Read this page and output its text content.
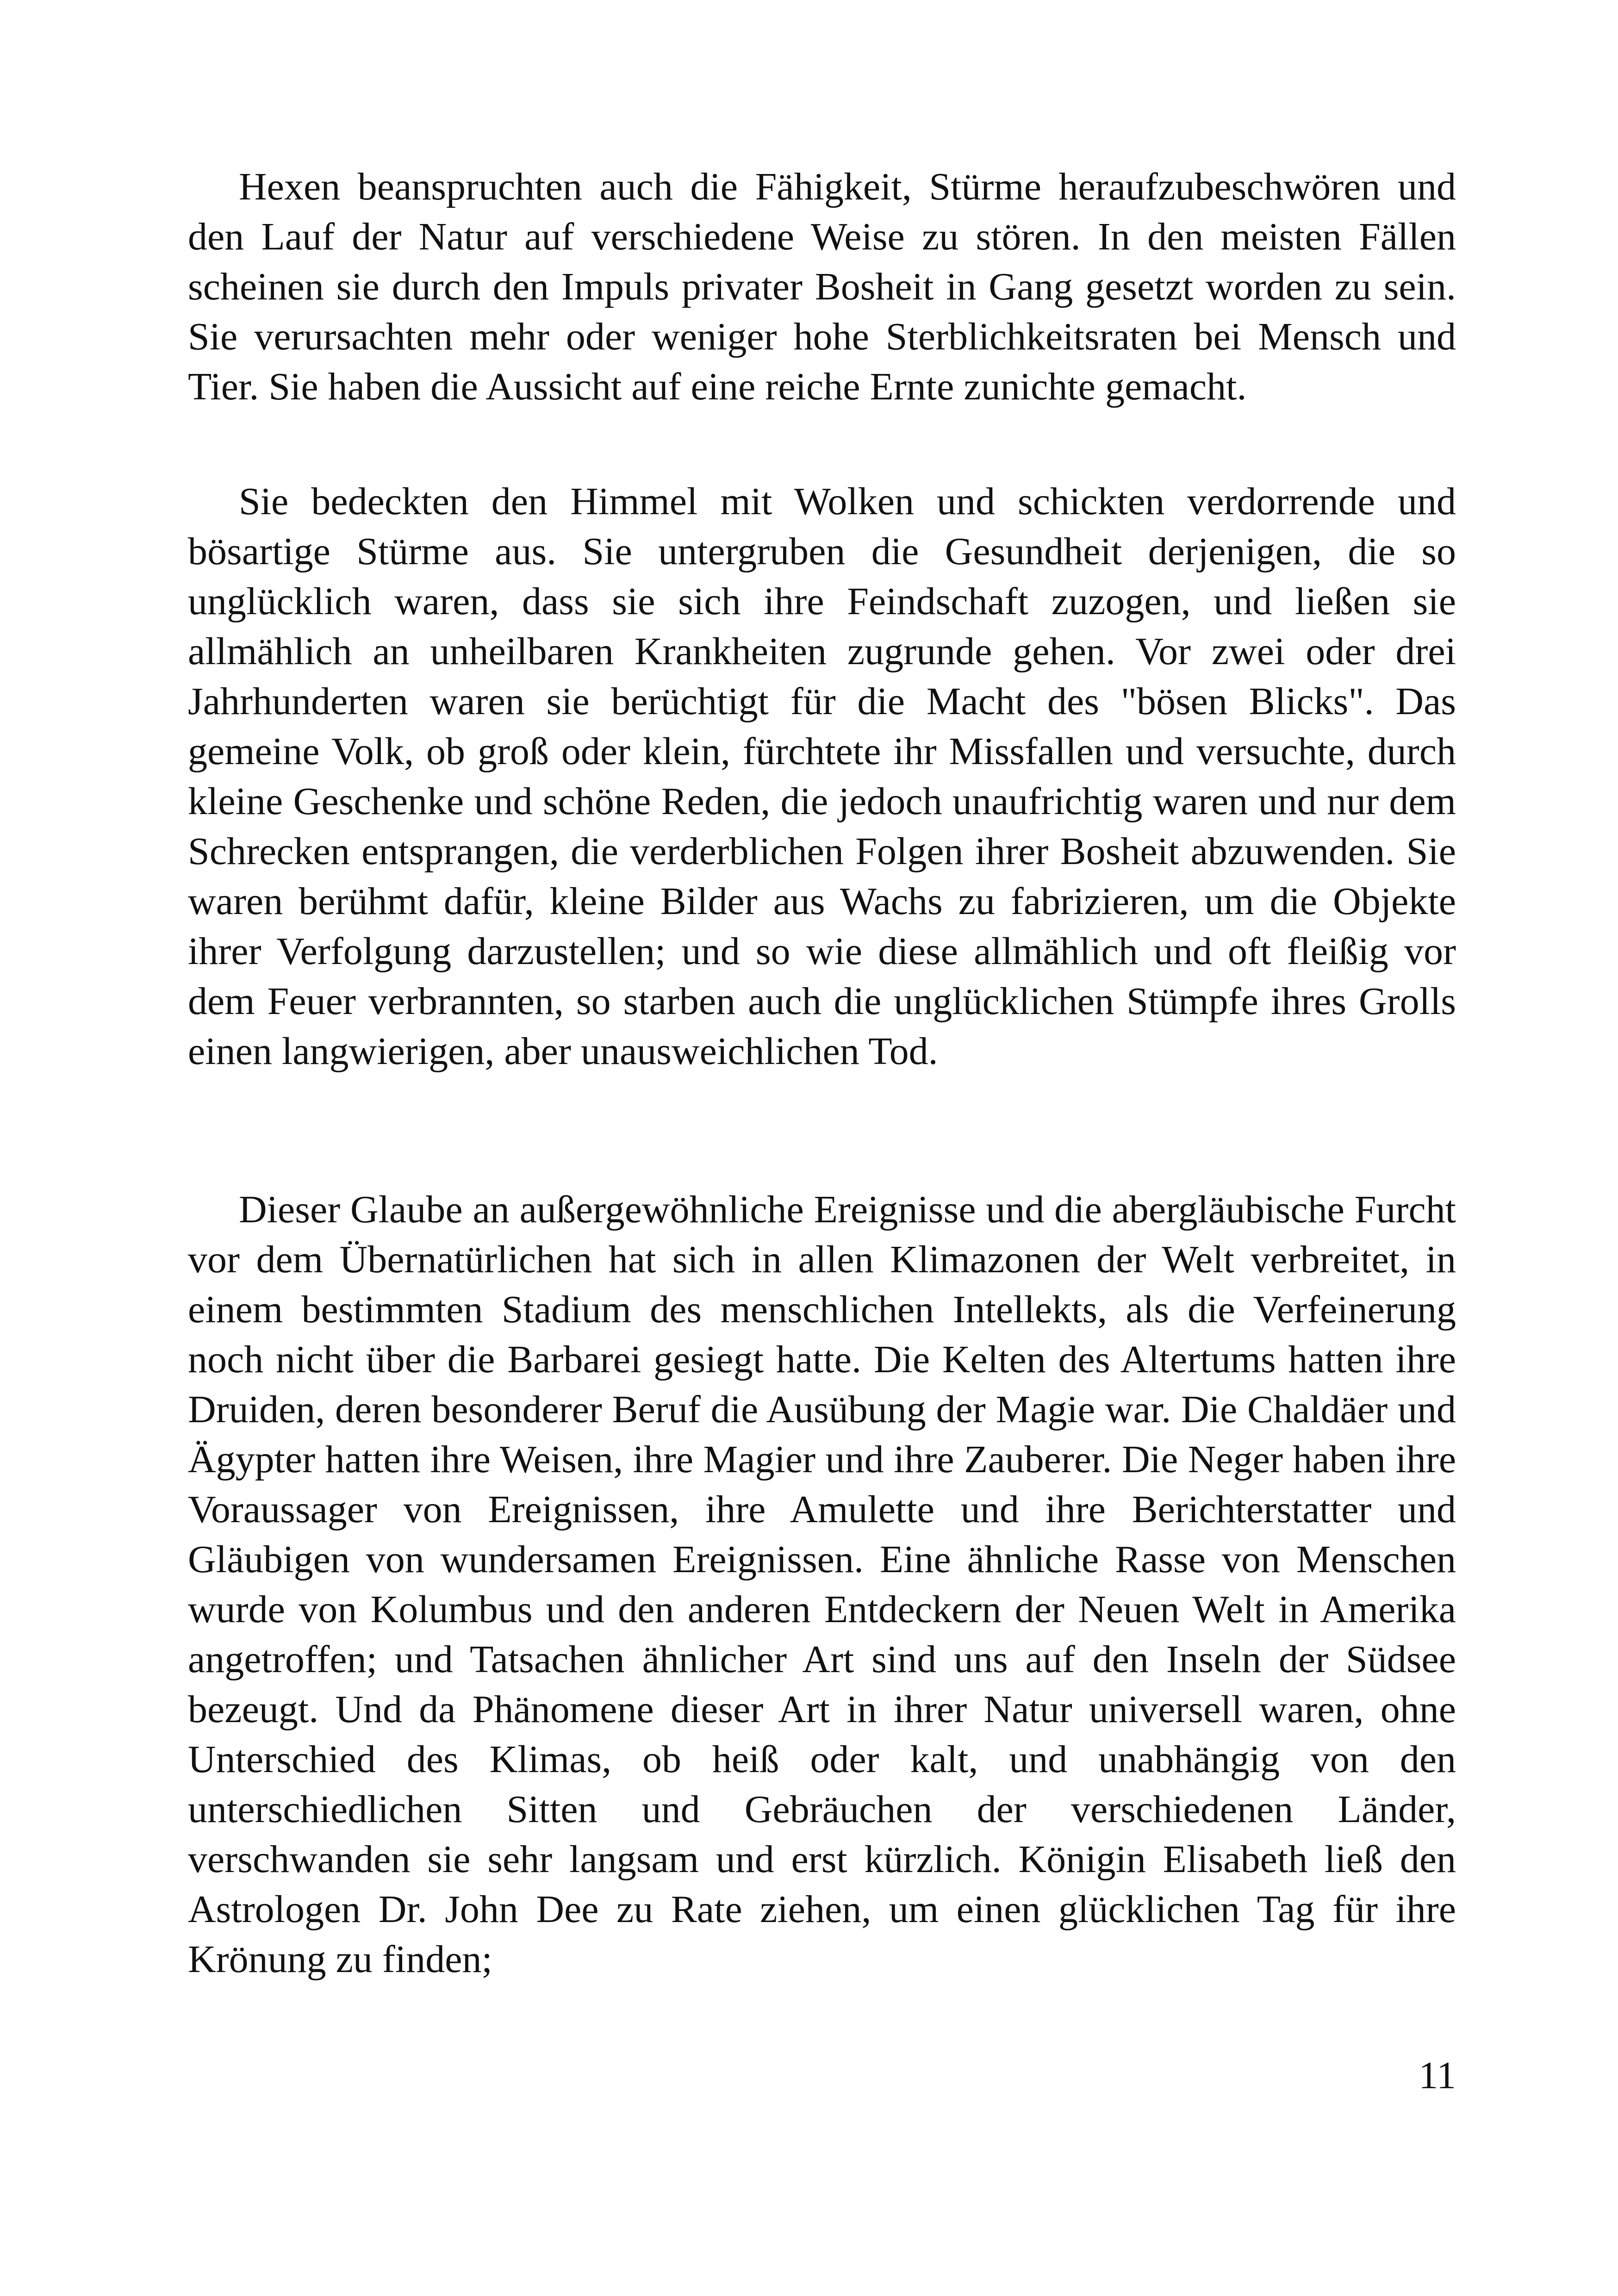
Hexen beanspruchten auch die Fähigkeit, Stürme heraufzubeschwören und den Lauf der Natur auf verschiedene Weise zu stören. In den meisten Fällen scheinen sie durch den Impuls privater Bosheit in Gang gesetzt worden zu sein. Sie verursachten mehr oder weniger hohe Sterblichkeitsraten bei Mensch und Tier. Sie haben die Aussicht auf eine reiche Ernte zunichte gemacht.

Sie bedeckten den Himmel mit Wolken und schickten verdorrende und bösartige Stürme aus. Sie untergruben die Gesundheit derjenigen, die so unglücklich waren, dass sie sich ihre Feindschaft zuzogen, und ließen sie allmählich an unheilbaren Krankheiten zugrunde gehen. Vor zwei oder drei Jahrhunderten waren sie berüchtigt für die Macht des "bösen Blicks". Das gemeine Volk, ob groß oder klein, fürchtete ihr Missfallen und versuchte, durch kleine Geschenke und schöne Reden, die jedoch unaufrichtig waren und nur dem Schrecken entsprangen, die verderblichen Folgen ihrer Bosheit abzuwenden. Sie waren berühmt dafür, kleine Bilder aus Wachs zu fabrizieren, um die Objekte ihrer Verfolgung darzustellen; und so wie diese allmählich und oft fleißig vor dem Feuer verbrannten, so starben auch die unglücklichen Stümpfe ihres Grolls einen langwierigen, aber unausweichlichen Tod.

Dieser Glaube an außergewöhnliche Ereignisse und die abergläubische Furcht vor dem Übernatürlichen hat sich in allen Klimazonen der Welt verbreitet, in einem bestimmten Stadium des menschlichen Intellekts, als die Verfeinerung noch nicht über die Barbarei gesiegt hatte. Die Kelten des Altertums hatten ihre Druiden, deren besonderer Beruf die Ausübung der Magie war. Die Chaldäer und Ägypter hatten ihre Weisen, ihre Magier und ihre Zauberer. Die Neger haben ihre Voraussager von Ereignissen, ihre Amulette und ihre Berichterstatter und Gläubigen von wundersamen Ereignissen. Eine ähnliche Rasse von Menschen wurde von Kolumbus und den anderen Entdeckern der Neuen Welt in Amerika angetroffen; und Tatsachen ähnlicher Art sind uns auf den Inseln der Südsee bezeugt. Und da Phänomene dieser Art in ihrer Natur universell waren, ohne Unterschied des Klimas, ob heiß oder kalt, und unabhängig von den unterschiedlichen Sitten und Gebräuchen der verschiedenen Länder, verschwanden sie sehr langsam und erst kürzlich. Königin Elisabeth ließ den Astrologen Dr. John Dee zu Rate ziehen, um einen glücklichen Tag für ihre Krönung zu finden;

11
